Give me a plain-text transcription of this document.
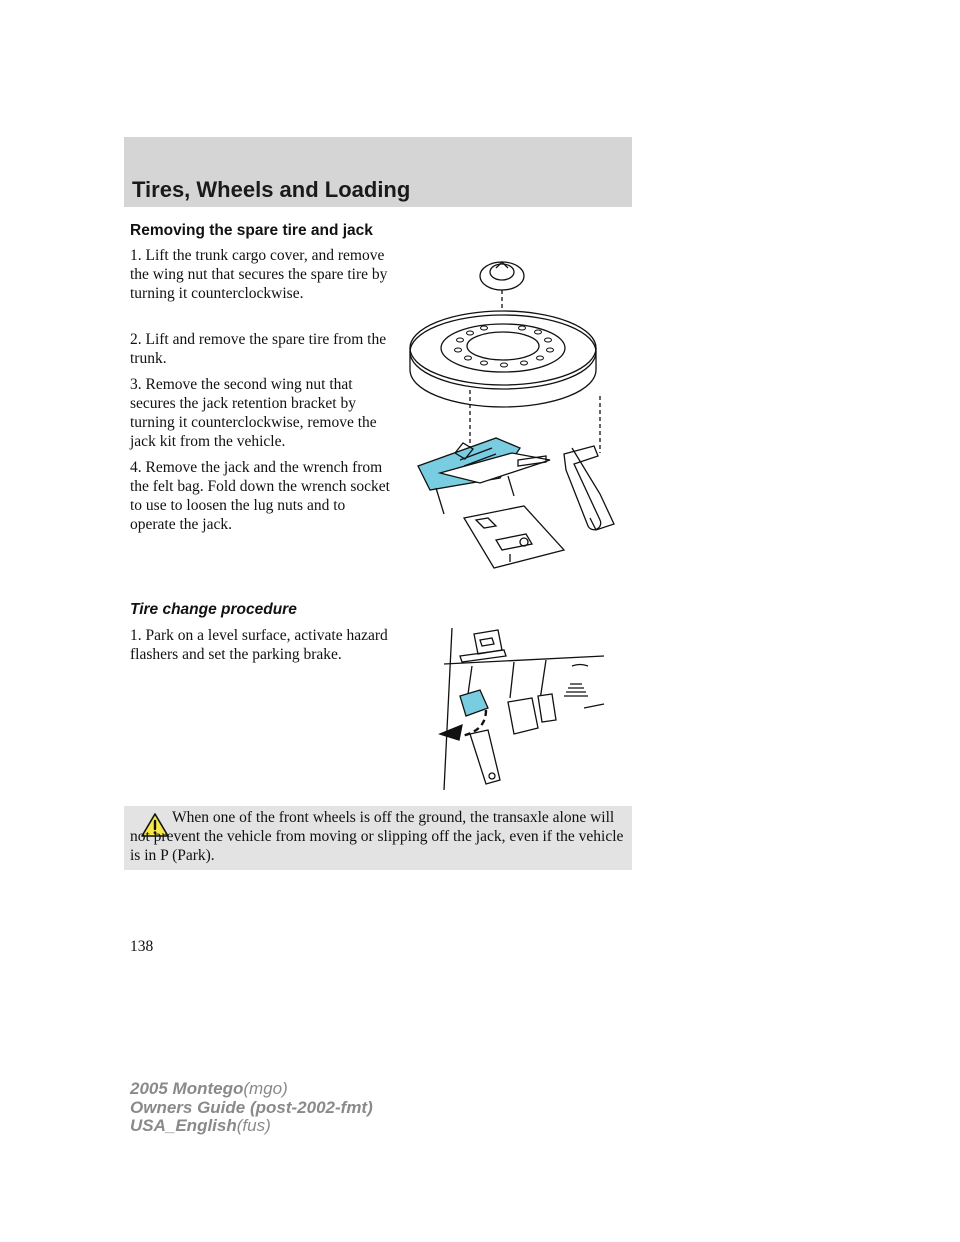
Tires, Wheels and Loading
Removing the spare tire and jack

1. Lift the trunk cargo cover, and remove the wing nut that secures the spare tire by turning it counterclockwise.

2. Lift and remove the spare tire from the trunk.

3. Remove the second wing nut that secures the jack retention bracket by turning it counterclockwise, remove the jack kit from the vehicle.

4. Remove the jack and the wrench from the felt bag. Fold down the wrench socket to use to loosen the lug nuts and to operate the jack.

Tire change procedure

1. Park on a level surface, activate hazard flashers and set the parking brake.

When one of the front wheels is off the ground, the transaxle alone will not prevent the vehicle from moving or slipping off the jack, even if the vehicle is in P (Park).

138

2005 Montego(mgo)
Owners Guide (post-2002-fmt)
USA_English(fus)
